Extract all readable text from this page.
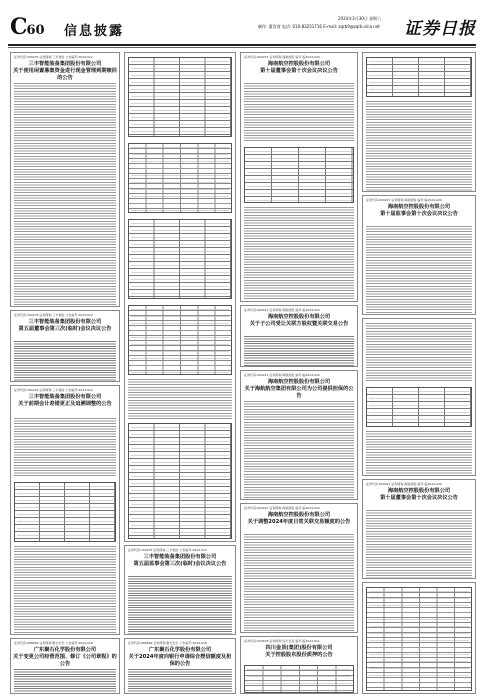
C60 信息披露
2024年3月30日 星期六
制作: 董青荷 电话: 010-83251716 E-mail: zqrb9@zqrb.sina.net 证券日报
证券代码:300276 证券简称:三丰智能 公告编号:2024-012
三丰智能装备集团股份有限公司
关于使用闲置募集资金进行现金管理到期赎回的公告
证券代码:300276 证券简称:三丰智能 公告编号:2024-012
三丰智能装备集团股份有限公司
第五届董事会第三次(临时)会议决议公告
证券代码:300276 证券简称:三丰智能 公告编号:2024-012
三丰智能装备集团股份有限公司
关于前期会计差错更正及追溯调整的公告
证券代码:688669 证券简称:聚石化学 公告编号:2024-018
广东聚石化学股份有限公司
关于变更公司经营范围、修订《公司章程》的公告
证券代码:300276 证券简称:三丰智能 公告编号:2024-012
三丰智能装备集团股份有限公司
第五届监事会第三次(临时)会议决议公告
证券代码:688669 证券简称:聚石化学 公告编号:2024-018
广东聚石化学股份有限公司
关于2024年度向银行申请综合授信额度及担保的公告
证券代码:600221 证券简称:海航控股 编号:临2024-020
海南航空控股股份有限公司
第十届董事会第十次会议决议公告
证券代码:600221 证券简称:海航控股 编号:临2024-020
海南航空控股股份有限公司
关于子公司受让关联方股权暨关联交易公告
证券代码:600221 证券简称:海航控股 编号:临2024-020
海南航空控股股份有限公司
关于海航航空集团有限公司为公司提供担保的公告
证券代码:600221 证券简称:海航控股 编号:临2024-020
海南航空控股股份有限公司
关于调整2024年度日常关联交易额度的公告
证券代码:600678 证券简称:四川金顶 编号:临2024-011
四川金顶(集团)股份有限公司
关于控股股东股份质押的公告
证券代码:600221 证券简称:海航控股 编号:临2024-020
海南航空控股股份有限公司
第十届监事会第十次会议决议公告
证券代码:600221 证券简称:海航控股 编号:临2024-020
海南航空控股股份有限公司
第十届董事会第十次会议决议公告
